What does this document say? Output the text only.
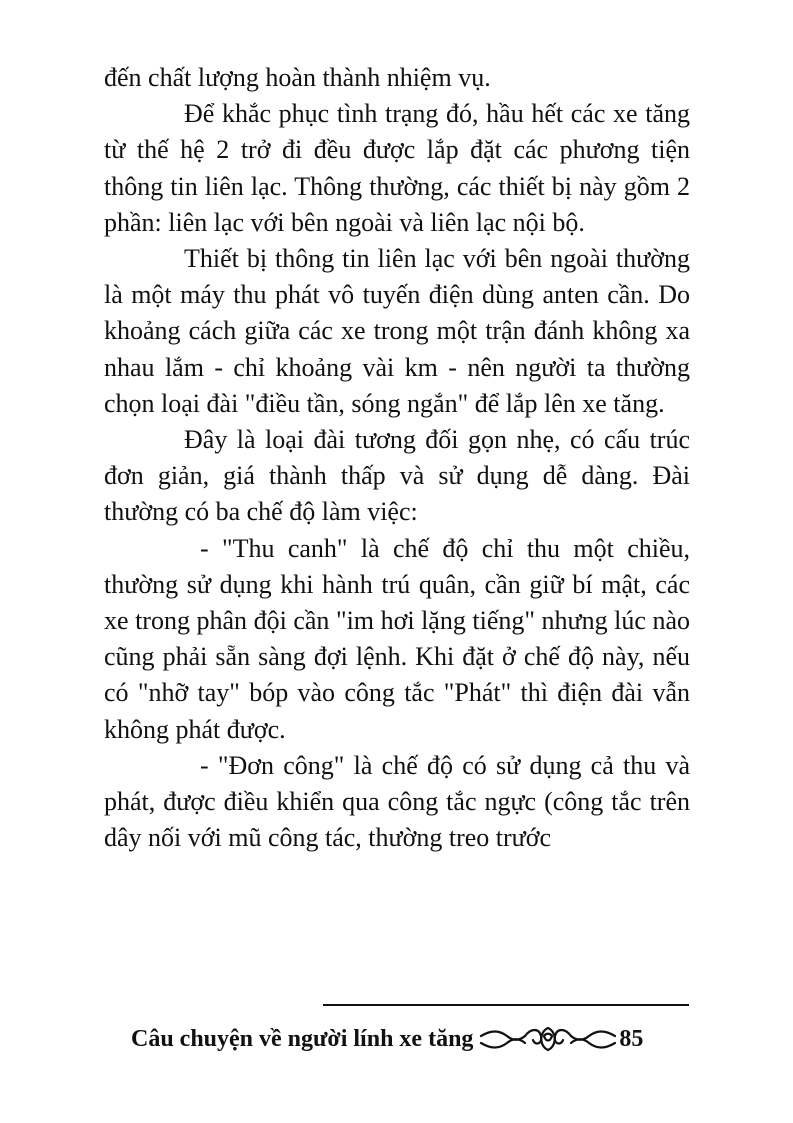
đến chất lượng hoàn thành nhiệm vụ.

Để khắc phục tình trạng đó, hầu hết các xe tăng từ thế hệ 2 trở đi đều được lắp đặt các phương tiện thông tin liên lạc. Thông thường, các thiết bị này gồm 2 phần: liên lạc với bên ngoài và liên lạc nội bộ.

Thiết bị thông tin liên lạc với bên ngoài thường là một máy thu phát vô tuyến điện dùng anten cần. Do khoảng cách giữa các xe trong một trận đánh không xa nhau lắm - chỉ khoảng vài km - nên người ta thường chọn loại đài "điều tần, sóng ngắn" để lắp lên xe tăng.

Đây là loại đài tương đối gọn nhẹ, có cấu trúc đơn giản, giá thành thấp và sử dụng dễ dàng. Đài thường có ba chế độ làm việc:

- "Thu canh" là chế độ chỉ thu một chiều, thường sử dụng khi hành trú quân, cần giữ bí mật, các xe trong phân đội cần "im hơi lặng tiếng" nhưng lúc nào cũng phải sẵn sàng đợi lệnh. Khi đặt ở chế độ này, nếu có "nhỡ tay" bóp vào công tắc "Phát" thì điện đài vẫn không phát được.

- "Đơn công" là chế độ có sử dụng cả thu và phát, được điều khiển qua công tắc ngực (công tắc trên dây nối với mũ công tác, thường treo trước

Câu chuyện về người lính xe tăng	85
